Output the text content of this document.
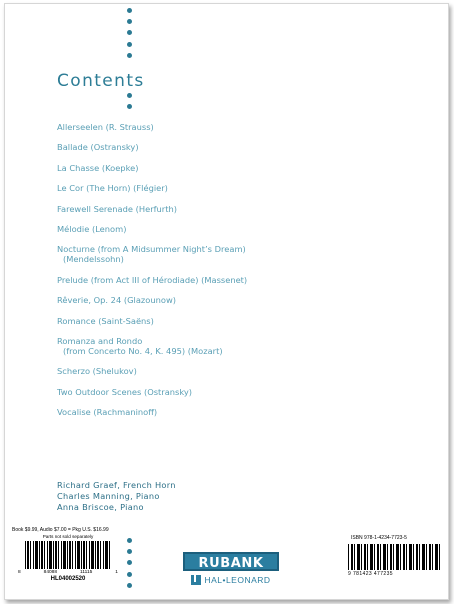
Contents
Allerseelen (R. Strauss)
Ballade (Ostransky)
La Chasse (Koepke)
Le Cor (The Horn) (Flégier)
Farewell Serenade (Herfurth)
Mélodie (Lenom)
Nocturne (from A Midsummer Night’s Dream)
(Mendelssohn)
Prelude (from Act III of Hérodiade) (Massenet)
Rêverie, Op. 24 (Glazounow)
Romance (Saint-Saëns)
Romanza and Rondo
(from Concerto No. 4, K. 495) (Mozart)
Scherzo (Shelukov)
Two Outdoor Scenes (Ostransky)
Vocalise (Rachmaninoff)
Richard Graef, French Horn
Charles Manning, Piano
Anna Briscoe, Piano
Book $9.99, Audio $7.00 = Pkg U.S. $16.99
Parts not sold separately
8	84088	11115	1
HL04002520
RUBANK
HAL•LEONARD
ISBN 978-1-4234-7723-5
9 781423 477235
